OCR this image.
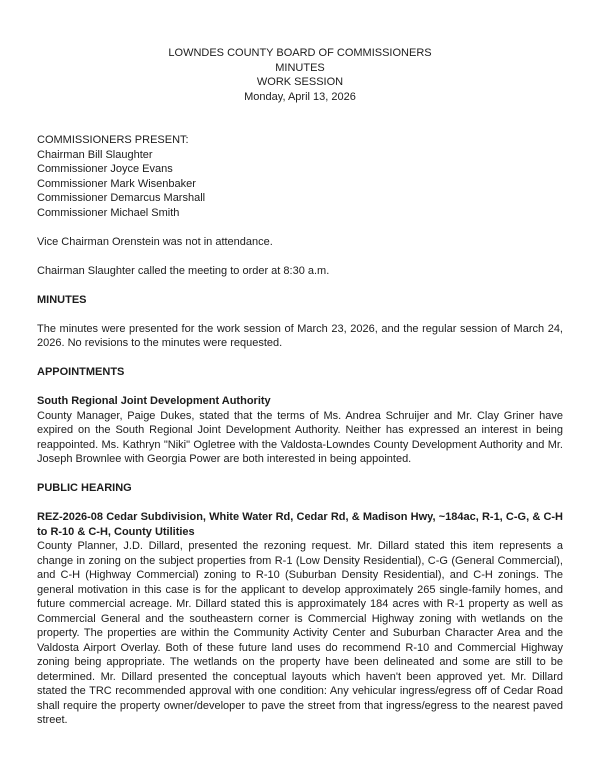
LOWNDES COUNTY BOARD OF COMMISSIONERS
MINUTES
WORK SESSION
Monday, April 13, 2026
COMMISSIONERS PRESENT:
Chairman Bill Slaughter
Commissioner Joyce Evans
Commissioner Mark Wisenbaker
Commissioner Demarcus Marshall
Commissioner Michael Smith

Vice Chairman Orenstein was not in attendance.

Chairman Slaughter called the meeting to order at 8:30 a.m.

MINUTES

The minutes were presented for the work session of March 23, 2026, and the regular session of March 24, 2026. No revisions to the minutes were requested.

APPOINTMENTS
South Regional Joint Development Authority

County Manager, Paige Dukes, stated that the terms of Ms. Andrea Schruijer and Mr. Clay Griner have expired on the South Regional Joint Development Authority. Neither has expressed an interest in being reappointed. Ms. Kathryn "Niki" Ogletree with the Valdosta-Lowndes County Development Authority and Mr. Joseph Brownlee with Georgia Power are both interested in being appointed.

PUBLIC HEARING
REZ-2026-08 Cedar Subdivision, White Water Rd, Cedar Rd, & Madison Hwy, ~184ac, R-1, C-G, & C-H to R-10 & C-H, County Utilities

County Planner, J.D. Dillard, presented the rezoning request. Mr. Dillard stated this item represents a change in zoning on the subject properties from R-1 (Low Density Residential), C-G (General Commercial), and C-H (Highway Commercial) zoning to R-10 (Suburban Density Residential), and C-H zonings. The general motivation in this case is for the applicant to develop approximately 265 single-family homes, and future commercial acreage. Mr. Dillard stated this is approximately 184 acres with R-1 property as well as Commercial General and the southeastern corner is Commercial Highway zoning with wetlands on the property. The properties are within the Community Activity Center and Suburban Character Area and the Valdosta Airport Overlay. Both of these future land uses do recommend R-10 and Commercial Highway zoning being appropriate. The wetlands on the property have been delineated and some are still to be determined. Mr. Dillard presented the conceptual layouts which haven't been approved yet. Mr. Dillard stated the TRC recommended approval with one condition: Any vehicular ingress/egress off of Cedar Road shall require the property owner/developer to pave the street from that ingress/egress to the nearest paved street.
